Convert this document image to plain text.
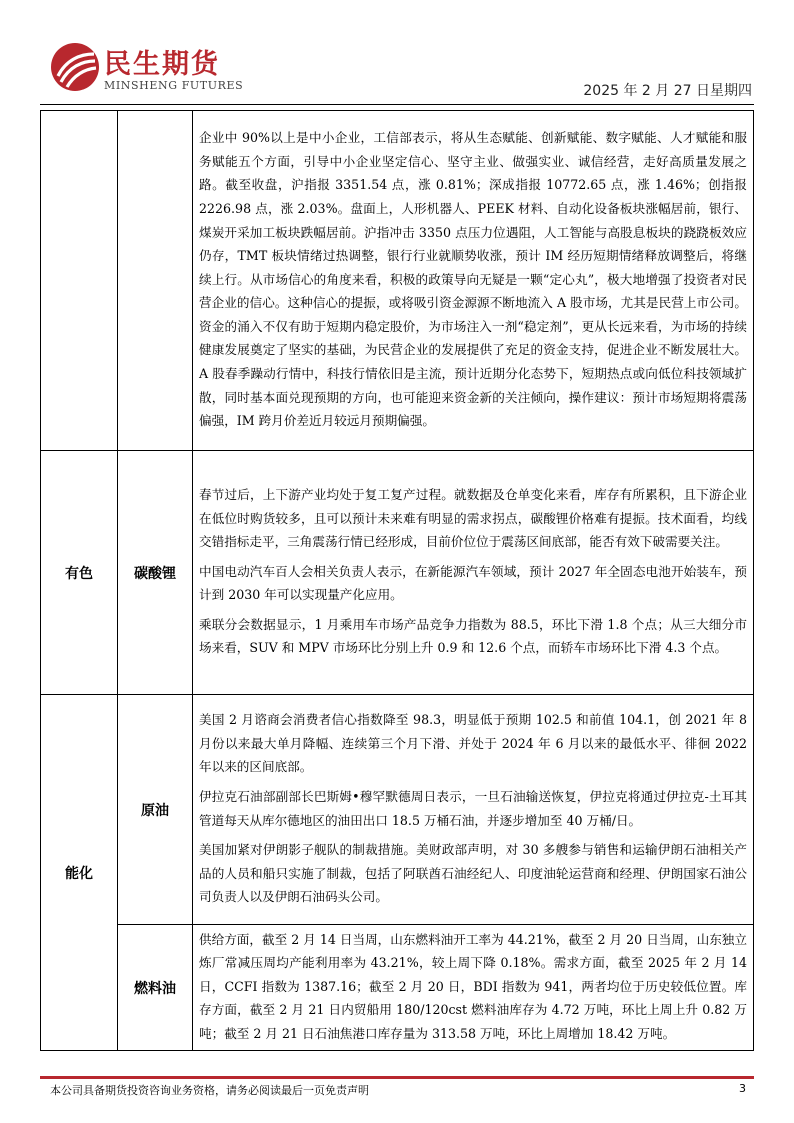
民生期货
MINSHENG FUTURES	2025 年 2 月 27 日星期四

		企业中 90%以上是中小企业，工信部表示，将从生态赋能、创新赋能、数字赋能、人才赋能和服务赋能五个方面，引导中小企业坚定信心、坚守主业、做强实业、诚信经营，走好高质量发展之路。截至收盘，沪指报 3351.54 点，涨 0.81%；深成指报 10772.65 点，涨 1.46%；创指报 2226.98 点，涨 2.03%。盘面上，人形机器人、PEEK 材料、自动化设备板块涨幅居前，银行、煤炭开采加工板块跌幅居前。沪指冲击 3350 点压力位遇阻，人工智能与高股息板块的跷跷板效应仍存，TMT 板块情绪过热调整，银行行业就顺势收涨，预计 IM 经历短期情绪释放调整后，将继续上行。从市场信心的角度来看，积极的政策导向无疑是一颗“定心丸”，极大地增强了投资者对民营企业的信心。这种信心的提振，或将吸引资金源源不断地流入 A 股市场，尤其是民营上市公司。资金的涌入不仅有助于短期内稳定股价，为市场注入一剂“稳定剂”，更从长远来看，为市场的持续健康发展奠定了坚实的基础，为民营企业的发展提供了充足的资金支持，促进企业不断发展壮大。A 股春季躁动行情中，科技行情依旧是主流，预计近期分化态势下，短期热点或向低位科技领域扩散，同时基本面兑现预期的方向，也可能迎来资金新的关注倾向，操作建议：预计市场短期将震荡偏强，IM 跨月价差近月较远月预期偏强。

有色	碳酸锂	春节过后，上下游产业均处于复工复产过程。就数据及仓单变化来看，库存有所累积，且下游企业在低位时购货较多，且可以预计未来难有明显的需求拐点，碳酸锂价格难有提振。技术面看，均线交错指标走平，三角震荡行情已经形成，目前价位位于震荡区间底部，能否有效下破需要关注。

中国电动汽车百人会相关负责人表示，在新能源汽车领域，预计 2027 年全固态电池开始装车，预计到 2030 年可以实现量产化应用。

乘联分会数据显示，1 月乘用车市场产品竞争力指数为 88.5，环比下滑 1.8 个点；从三大细分市场来看，SUV 和 MPV 市场环比分别上升 0.9 和 12.6 个点，而轿车市场环比下滑 4.3 个点。

能化	原油	美国 2 月谘商会消费者信心指数降至 98.3，明显低于预期 102.5 和前值 104.1，创 2021 年 8 月份以来最大单月降幅、连续第三个月下滑、并处于 2024 年 6 月以来的最低水平、徘徊 2022 年以来的区间底部。

伊拉克石油部副部长巴斯姆•穆罕默德周日表示，一旦石油输送恢复，伊拉克将通过伊拉克-土耳其管道每天从库尔德地区的油田出口 18.5 万桶石油，并逐步增加至 40 万桶/日。

美国加紧对伊朗影子舰队的制裁措施。美财政部声明，对 30 多艘参与销售和运输伊朗石油相关产品的人员和船只实施了制裁，包括了阿联酋石油经纪人、印度油轮运营商和经理、伊朗国家石油公司负责人以及伊朗石油码头公司。

	燃料油	供给方面，截至 2 月 14 日当周，山东燃料油开工率为 44.21%，截至 2 月 20 日当周，山东独立炼厂常减压周均产能利用率为 43.21%，较上周下降 0.18%。需求方面，截至 2025 年 2 月 14 日，CCFI 指数为 1387.16；截至 2 月 20 日，BDI 指数为 941，两者均位于历史较低位置。库存方面，截至 2 月 21 日内贸船用 180/120cst 燃料油库存为 4.72 万吨，环比上周上升 0.82 万吨；截至 2 月 21 日石油焦港口库存量为 313.58 万吨，环比上周增加 18.42 万吨。

本公司具备期货投资咨询业务资格，请务必阅读最后一页免责声明	3
